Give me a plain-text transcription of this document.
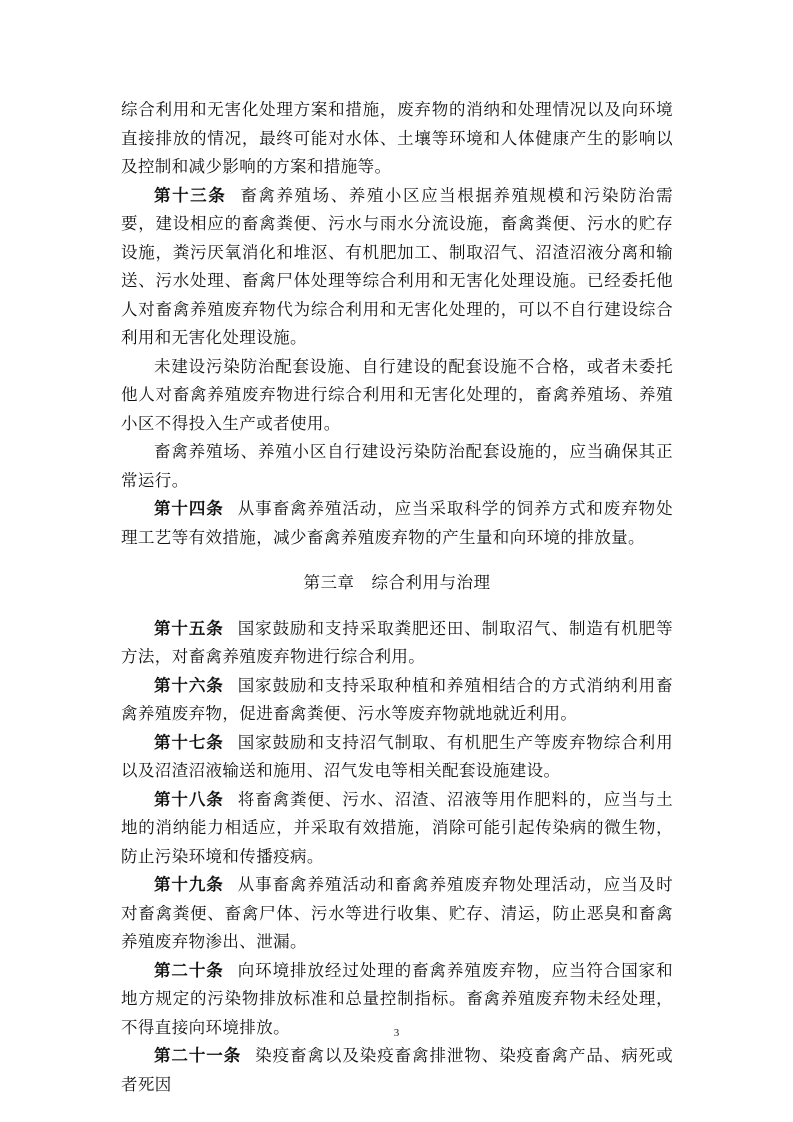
综合利用和无害化处理方案和措施，废弃物的消纳和处理情况以及向环境直接排放的情况，最终可能对水体、土壤等环境和人体健康产生的影响以及控制和减少影响的方案和措施等。

第十三条 畜禽养殖场、养殖小区应当根据养殖规模和污染防治需要，建设相应的畜禽粪便、污水与雨水分流设施，畜禽粪便、污水的贮存设施，粪污厌氧消化和堆沤、有机肥加工、制取沼气、沼渣沼液分离和输送、污水处理、畜禽尸体处理等综合利用和无害化处理设施。已经委托他人对畜禽养殖废弃物代为综合利用和无害化处理的，可以不自行建设综合利用和无害化处理设施。

未建设污染防治配套设施、自行建设的配套设施不合格，或者未委托他人对畜禽养殖废弃物进行综合利用和无害化处理的，畜禽养殖场、养殖小区不得投入生产或者使用。

畜禽养殖场、养殖小区自行建设污染防治配套设施的，应当确保其正常运行。

第十四条 从事畜禽养殖活动，应当采取科学的饲养方式和废弃物处理工艺等有效措施，减少畜禽养殖废弃物的产生量和向环境的排放量。

第三章　综合利用与治理

第十五条 国家鼓励和支持采取粪肥还田、制取沼气、制造有机肥等方法，对畜禽养殖废弃物进行综合利用。

第十六条 国家鼓励和支持采取种植和养殖相结合的方式消纳利用畜禽养殖废弃物，促进畜禽粪便、污水等废弃物就地就近利用。

第十七条 国家鼓励和支持沼气制取、有机肥生产等废弃物综合利用以及沼渣沼液输送和施用、沼气发电等相关配套设施建设。

第十八条 将畜禽粪便、污水、沼渣、沼液等用作肥料的，应当与土地的消纳能力相适应，并采取有效措施，消除可能引起传染病的微生物，防止污染环境和传播疫病。

第十九条 从事畜禽养殖活动和畜禽养殖废弃物处理活动，应当及时对畜禽粪便、畜禽尸体、污水等进行收集、贮存、清运，防止恶臭和畜禽养殖废弃物渗出、泄漏。

第二十条 向环境排放经过处理的畜禽养殖废弃物，应当符合国家和地方规定的污染物排放标准和总量控制指标。畜禽养殖废弃物未经处理，不得直接向环境排放。

第二十一条 染疫畜禽以及染疫畜禽排泄物、染疫畜禽产品、病死或者死因

3
